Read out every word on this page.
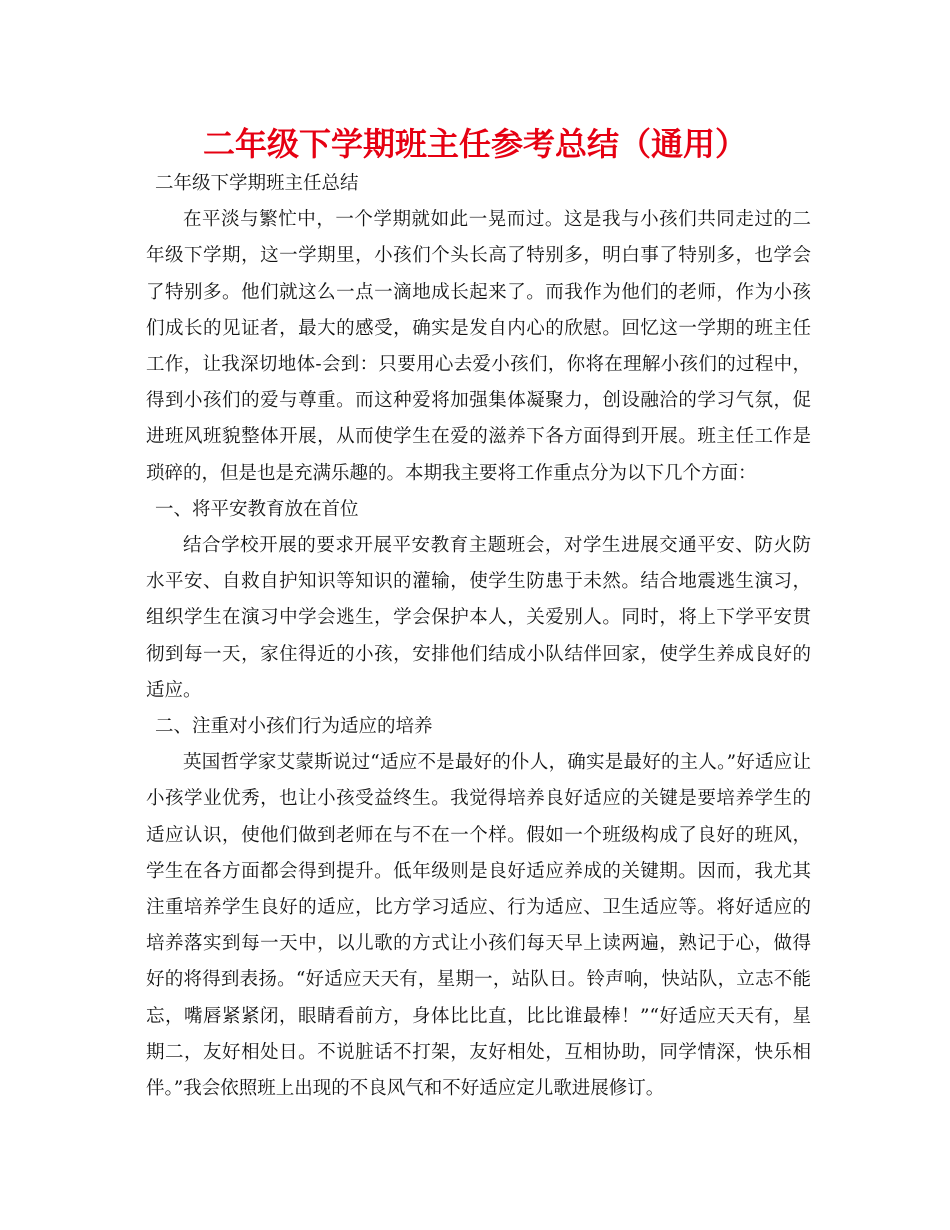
二年级下学期班主任参考总结（通用）

二年级下学期班主任总结

在平淡与繁忙中，一个学期就如此一晃而过。这是我与小孩们共同走过的二年级下学期，这一学期里，小孩们个头长高了特别多，明白事了特别多，也学会了特别多。他们就这么一点一滴地成长起来了。而我作为他们的老师，作为小孩们成长的见证者，最大的感受，确实是发自内心的欣慰。回忆这一学期的班主任工作，让我深切地体-会到：只要用心去爱小孩们，你将在理解小孩们的过程中，得到小孩们的爱与尊重。而这种爱将加强集体凝聚力，创设融洽的学习气氛，促进班风班貌整体开展，从而使学生在爱的滋养下各方面得到开展。班主任工作是琐碎的，但是也是充满乐趣的。本期我主要将工作重点分为以下几个方面：

一、将平安教育放在首位

结合学校开展的要求开展平安教育主题班会，对学生进展交通平安、防火防水平安、自救自护知识等知识的灌输，使学生防患于未然。结合地震逃生演习，组织学生在演习中学会逃生，学会保护本人，关爱别人。同时，将上下学平安贯彻到每一天，家住得近的小孩，安排他们结成小队结伴回家，使学生养成良好的适应。

二、注重对小孩们行为适应的培养

英国哲学家艾蒙斯说过“适应不是最好的仆人，确实是最好的主人。”好适应让小孩学业优秀，也让小孩受益终生。我觉得培养良好适应的关键是要培养学生的适应认识，使他们做到老师在与不在一个样。假如一个班级构成了良好的班风，学生在各方面都会得到提升。低年级则是良好适应养成的关键期。因而，我尤其注重培养学生良好的适应，比方学习适应、行为适应、卫生适应等。将好适应的培养落实到每一天中，以儿歌的方式让小孩们每天早上读两遍，熟记于心，做得好的将得到表扬。“好适应天天有，星期一，站队日。铃声响，快站队，立志不能忘，嘴唇紧紧闭，眼睛看前方，身体比比直，比比谁最棒！”“好适应天天有，星期二，友好相处日。不说脏话不打架，友好相处，互相协助，同学情深，快乐相伴。”我会依照班上出现的不良风气和不好适应定儿歌进展修订。
